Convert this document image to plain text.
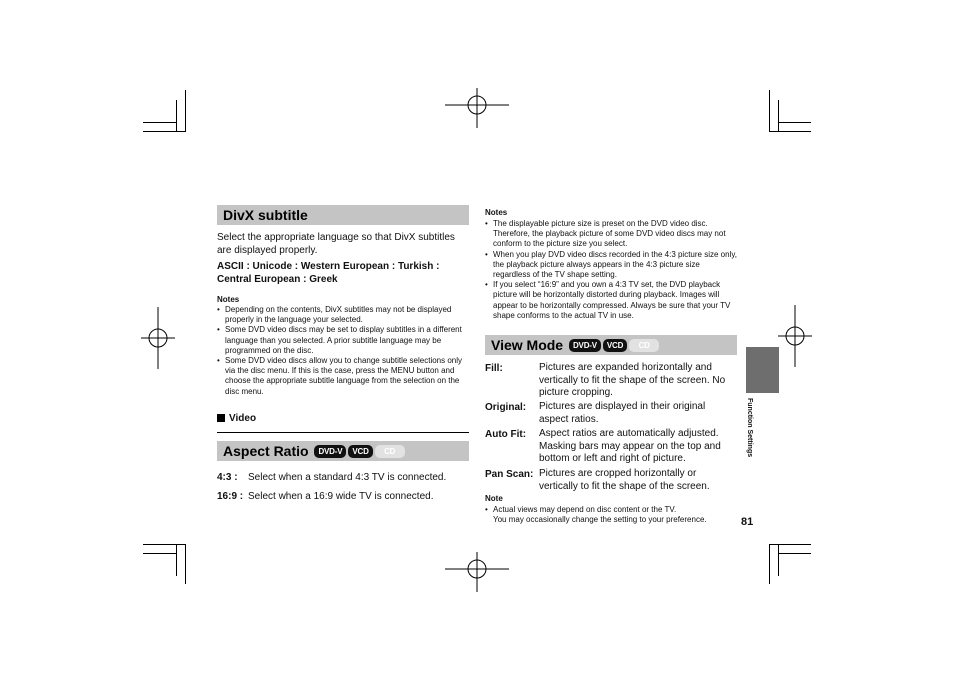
DivX subtitle
Select the appropriate language so that DivX subtitles are displayed properly.
ASCII : Unicode : Western European : Turkish :
Central European : Greek
Notes
• Depending on the contents, DivX subtitles may not be displayed properly in the language your selected.
• Some DVD video discs may be set to display subtitles in a different language than you selected. A prior subtitle language may be programmed on the disc.
• Some DVD video discs allow you to change subtitle selections only via the disc menu. If this is the case, press the MENU button and choose the appropriate subtitle language from the selection on the disc menu.
Video
Aspect Ratio DVD-V VCD CD
4:3 : Select when a standard 4:3 TV is connected.
16:9 : Select when a 16:9 wide TV is connected.
Notes
• The displayable picture size is preset on the DVD video disc. Therefore, the playback picture of some DVD video discs may not conform to the picture size you select.
• When you play DVD video discs recorded in the 4:3 picture size only, the playback picture always appears in the 4:3 picture size regardless of the TV shape setting.
• If you select “16:9” and you own a 4:3 TV set, the DVD playback picture will be horizontally distorted during playback. Images will appear to be horizontally compressed. Always be sure that your TV shape conforms to the actual TV in use.
View Mode DVD-V VCD CD
Fill:	Pictures are expanded horizontally and vertically to fit the shape of the screen. No picture cropping.
Original: Pictures are displayed in their original aspect ratios.
Auto Fit: Aspect ratios are automatically adjusted. Masking bars may appear on the top and bottom or left and right of picture.
Pan Scan: Pictures are cropped horizontally or vertically to fit the shape of the screen.
Note
• Actual views may depend on disc content or the TV.
You may occasionally change the setting to your preference.
Function Settings
81
